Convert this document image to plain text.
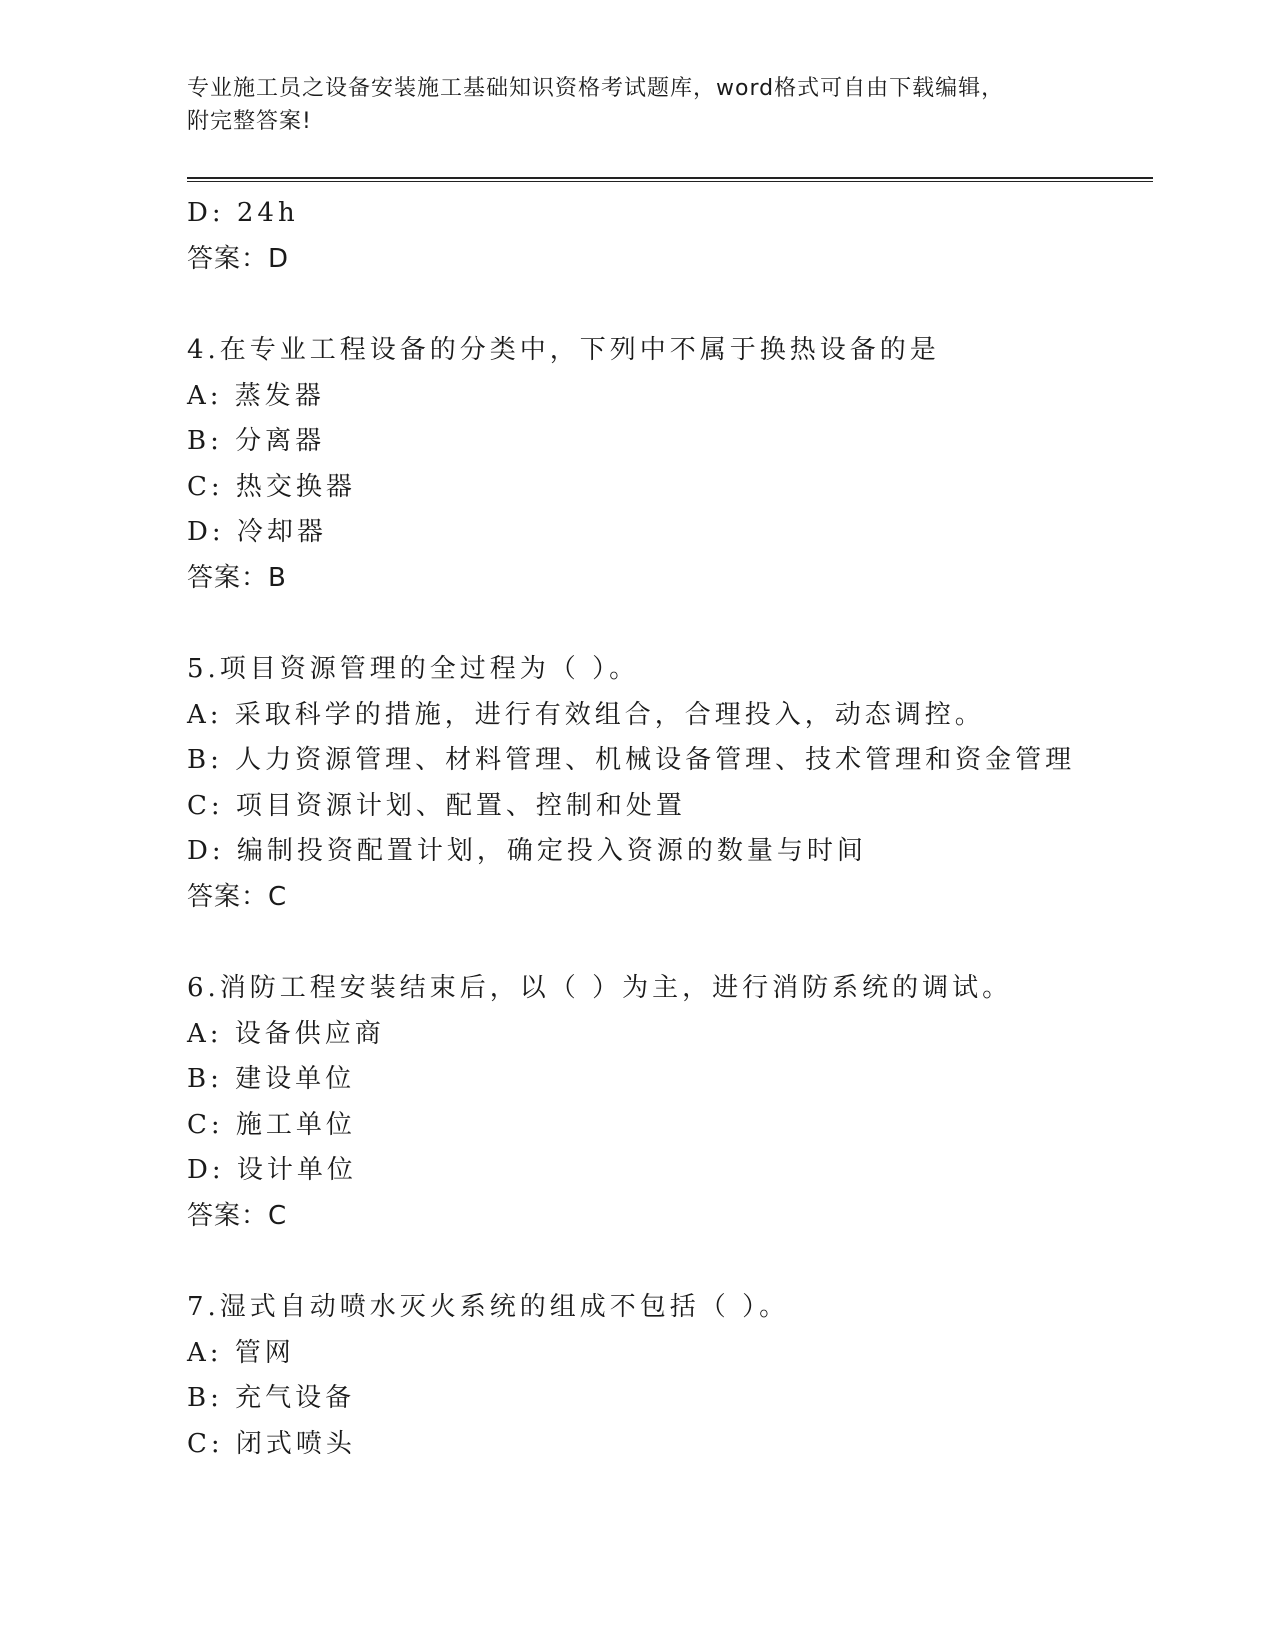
专业施工员之设备安装施工基础知识资格考试题库，word格式可自由下载编辑，
附完整答案!
D: 24h
答案：D
4.在专业工程设备的分类中，下列中不属于换热设备的是
A: 蒸发器
B: 分离器
C: 热交换器
D: 冷却器
答案：B
5.项目资源管理的全过程为（ ）。
A: 采取科学的措施，进行有效组合，合理投入，动态调控。
B: 人力资源管理、材料管理、机械设备管理、技术管理和资金管理
C: 项目资源计划、配置、控制和处置
D: 编制投资配置计划，确定投入资源的数量与时间
答案：C
6.消防工程安装结束后，以（ ）为主，进行消防系统的调试。
A: 设备供应商
B: 建设单位
C: 施工单位
D: 设计单位
答案：C
7.湿式自动喷水灭火系统的组成不包括（ ）。
A: 管网
B: 充气设备
C: 闭式喷头
